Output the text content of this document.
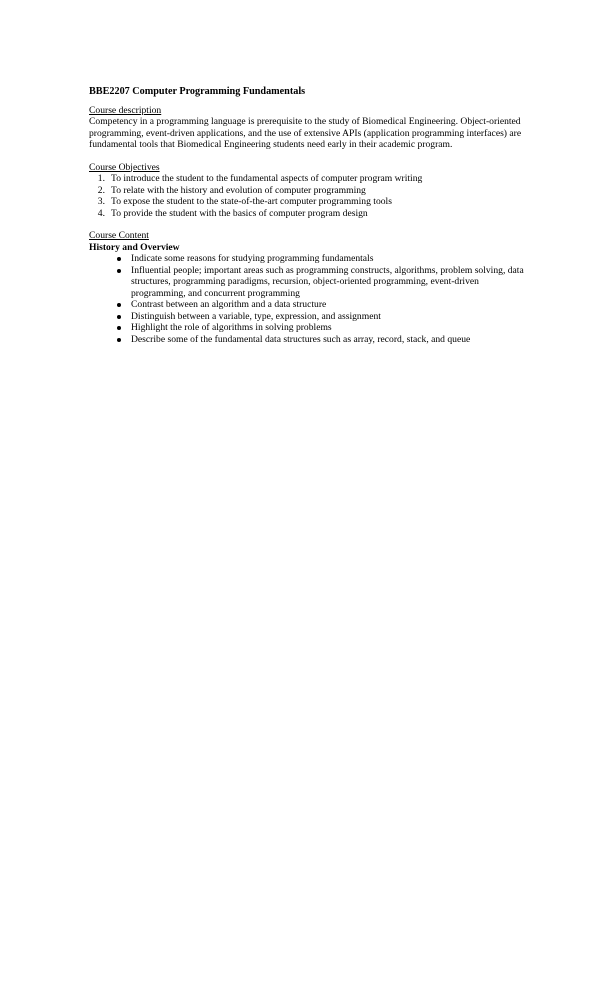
BBE2207 Computer Programming Fundamentals
Course description
Competency in a programming language is prerequisite to the study of Biomedical Engineering. Object-oriented programming, event-driven applications, and the use of extensive APIs (application programming interfaces) are fundamental tools that Biomedical Engineering students need early in their academic program.
Course Objectives
1. To introduce the student to the fundamental aspects of computer program writing
2. To relate with the history and evolution of computer programming
3. To expose the student to the state-of-the-art computer programming tools
4. To provide the student with the basics of computer program design
Course Content
History and Overview
Indicate some reasons for studying programming fundamentals
Influential people; important areas such as programming constructs, algorithms, problem solving, data structures, programming paradigms, recursion, object-oriented programming, event-driven programming, and concurrent programming
Contrast between an algorithm and a data structure
Distinguish between a variable, type, expression, and assignment
Highlight the role of algorithms in solving problems
Describe some of the fundamental data structures such as array, record, stack, and queue
